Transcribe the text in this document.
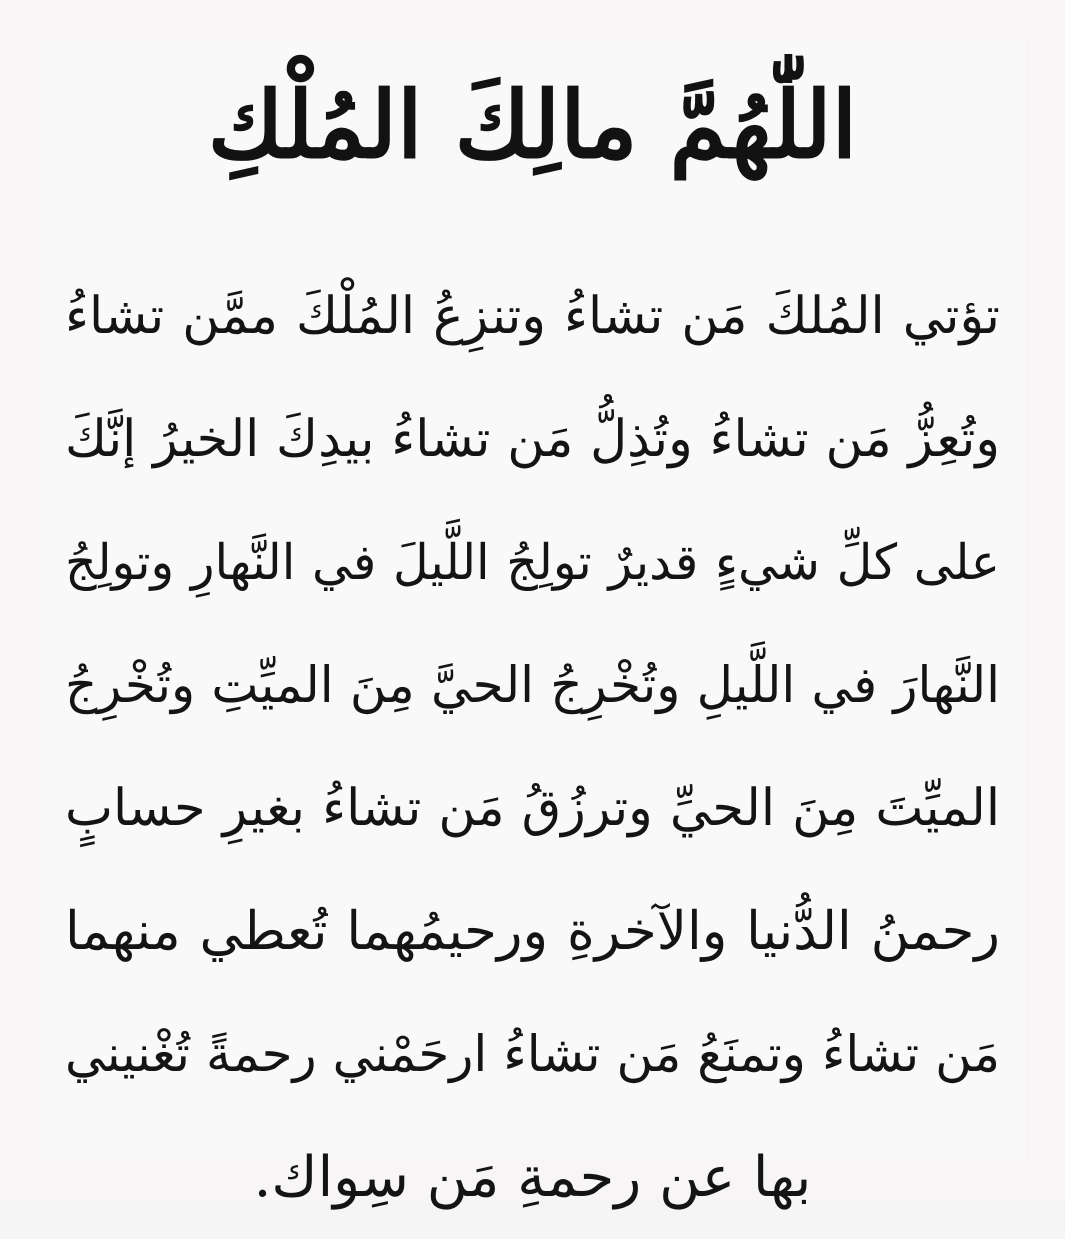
اللّٰهُمَّ مالِكَ المُلْكِ
تؤتي المُلكَ مَن تشاءُ وتنزِعُ المُلْكَ ممَّن تشاءُ
وتُعِزُّ مَن تشاءُ وتُذِلُّ مَن تشاءُ بيدِكَ الخيرُ إنَّكَ
على كلِّ شيءٍ قديرٌ تولِجُ اللَّيلَ في النَّهارِ وتولِجُ
النَّهارَ في اللَّيلِ وتُخْرِجُ الحيَّ مِنَ الميِّتِ وتُخْرِجُ
الميِّتَ مِنَ الحيِّ وترزُقُ مَن تشاءُ بغيرِ حسابٍ
رحمنُ الدُّنيا والآخرةِ ورحيمُهما تُعطي منهما
مَن تشاءُ وتمنَعُ مَن تشاءُ ارحَمْني رحمةً تُغْنيني
بها عن رحمةِ مَن سِواك.
